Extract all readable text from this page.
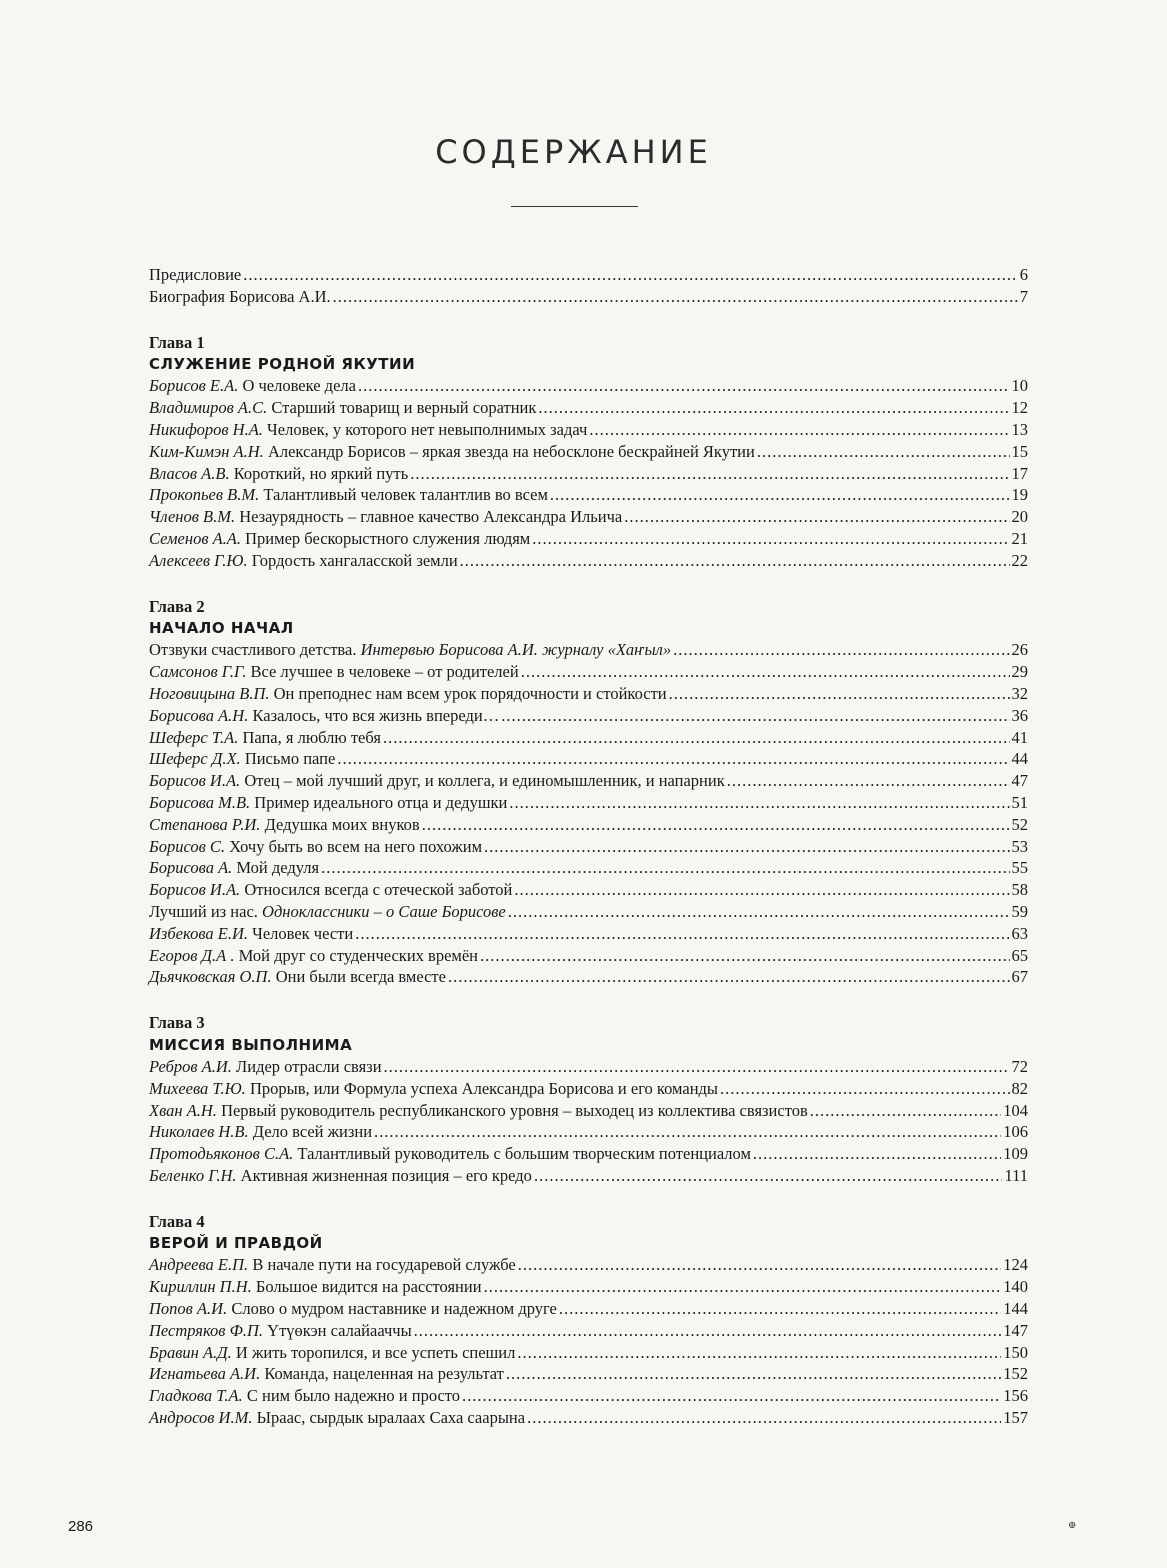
СОДЕРЖАНИЕ
Предисловие .....	6
Биография Борисова А.И. .....	7
Глава 1
СЛУЖЕНИЕ РОДНОЙ ЯКУТИИ
Борисов Е.А. О человеке дела .....	10
Владимиров А.С. Старший товарищ и верный соратник .....	12
Никифоров Н.А. Человек, у которого нет невыполнимых задач .....	13
Ким-Кимэн А.Н. Александр Борисов – яркая звезда на небосклоне бескрайней Якутии .....	15
Власов А.В. Короткий, но яркий путь .....	17
Прокопьев В.М. Талантливый человек талантлив во всем .....	19
Членов В.М. Незаурядность – главное качество Александра Ильича .....	20
Семенов А.А. Пример бескорыстного служения людям .....	21
Алексеев Г.Ю. Гордость хангаласской земли .....	22
Глава 2
НАЧАЛО НАЧАЛ
Отзвуки счастливого детства. Интервью Борисова А.И. журналу «Хаҥыл» .....	26
Самсонов Г.Г. Все лучшее в человеке – от родителей .....	29
Ноговицына В.П. Он преподнес нам всем урок порядочности и стойкости .....	32
Борисова А.Н. Казалось, что вся жизнь впереди… .....	36
Шеферс Т.А. Папа, я люблю тебя .....	41
Шеферс Д.Х. Письмо папе .....	44
Борисов И.А. Отец – мой лучший друг, и коллега, и единомышленник, и напарник .....	47
Борисова М.В. Пример идеального отца и дедушки .....	51
Степанова Р.И. Дедушка моих внуков .....	52
Борисов С. Хочу быть во всем на него похожим .....	53
Борисова А. Мой дедуля .....	55
Борисов И.А. Относился всегда с отеческой заботой .....	58
Лучший из нас. Одноклассники – о Саше Борисове .....	59
Избекова Е.И. Человек чести .....	63
Егоров Д.А . Мой друг со студенческих времён .....	65
Дьячковская О.П. Они были всегда вместе .....	67
Глава 3
МИССИЯ ВЫПОЛНИМА
Ребров А.И. Лидер отрасли связи .....	72
Михеева Т.Ю. Прорыв, или Формула успеха Александра Борисова и его команды .....	82
Хван А.Н. Первый руководитель республиканского уровня – выходец из коллектива связистов .....	104
Николаев Н.В. Дело всей жизни .....	106
Протодьяконов С.А. Талантливый руководитель с большим творческим потенциалом .....	109
Беленко Г.Н. Активная жизненная позиция – его кредо .....	111
Глава 4
ВЕРОЙ И ПРАВДОЙ
Андреева Е.П. В начале пути на государевой службе .....	124
Кириллин П.Н. Большое видится на расстоянии .....	140
Попов А.И. Слово о мудром наставнике и надежном друге .....	144
Пестряков Ф.П. Үтүөкэн салайааччы .....	147
Бравин А.Д. И жить торопился, и все успеть спешил .....	150
Игнатьева А.И. Команда, нацеленная на результат .....	152
Гладкова Т.А. С ним было надежно и просто .....	156
Андросов И.М. Ыраас, сырдык ыралаах Саха саарына .....	157
286	⊕
